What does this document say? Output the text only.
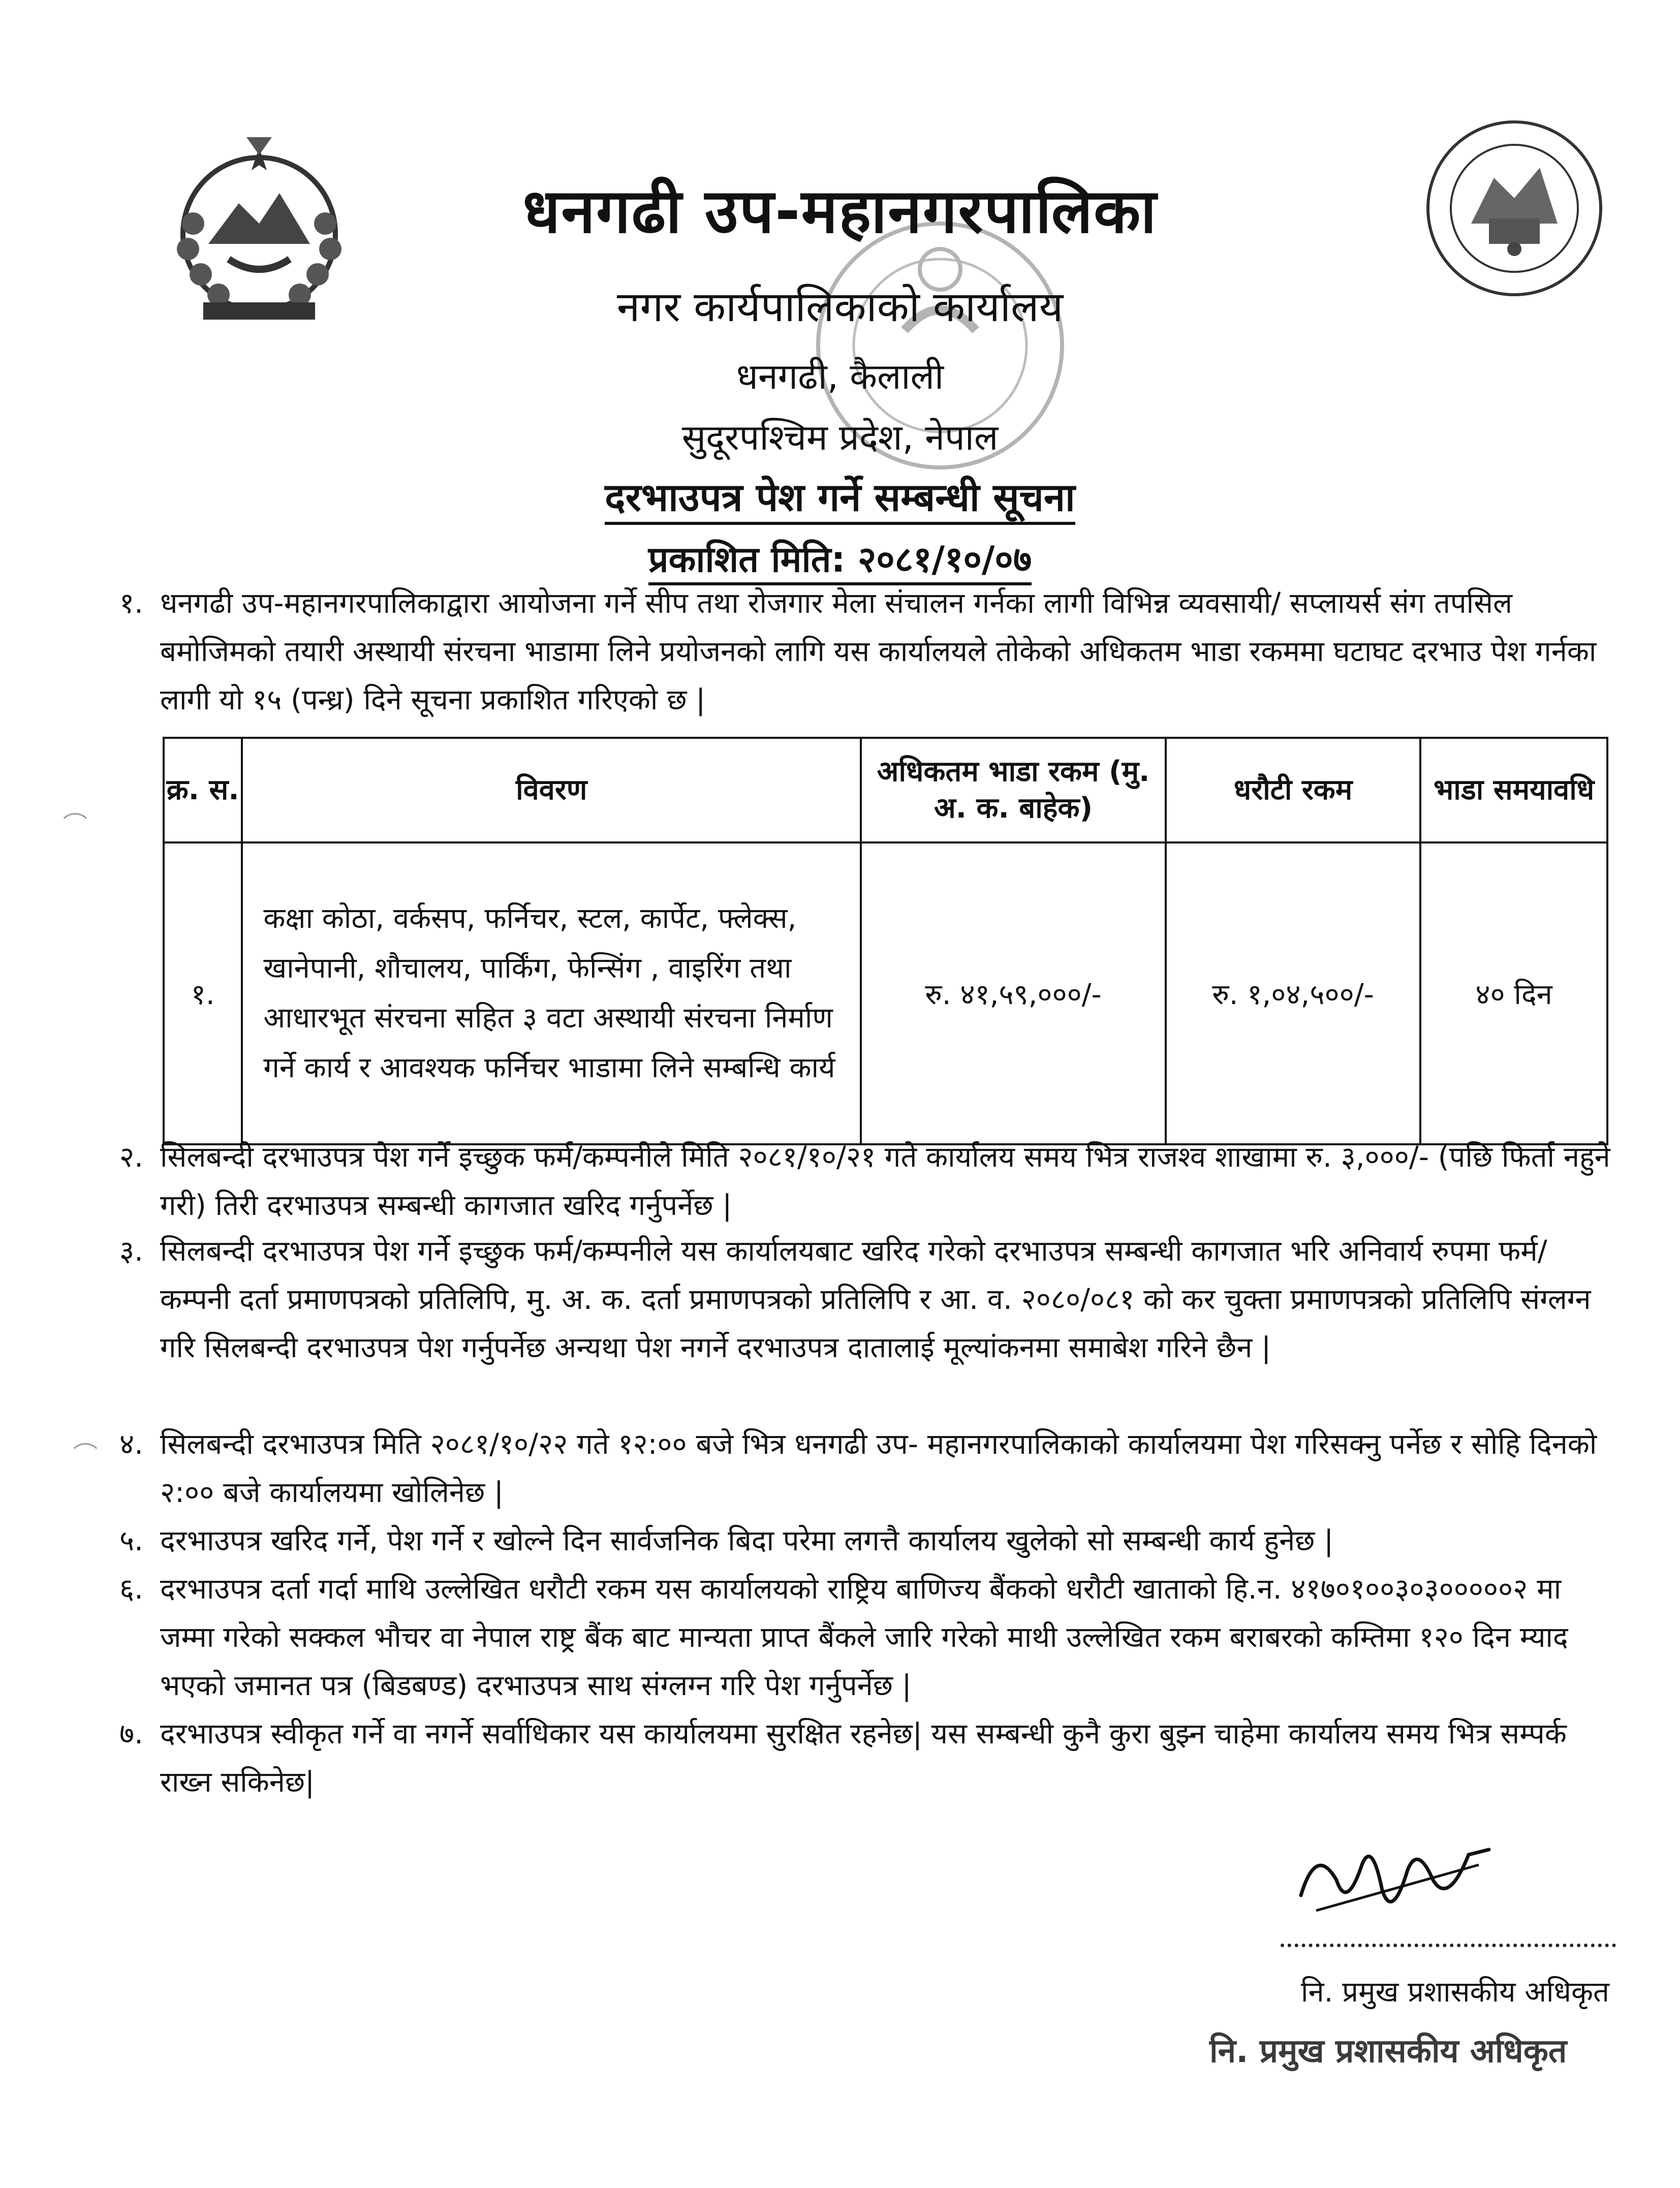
धनगढी उप-महानगरपालिका
नगर कार्यपालिकाको कार्यालय
धनगढी, कैलाली
सुदूरपश्चिम प्रदेश, नेपाल
दरभाउपत्र पेश गर्ने सम्बन्धी सूचना
प्रकाशित मिति: २०८१/१०/०७
१. धनगढी उप-महानगरपालिकाद्वारा आयोजना गर्ने सीप तथा रोजगार मेला संचालन गर्नका लागी विभिन्न व्यवसायी/ सप्लायर्स संग तपसिल बमोजिमको तयारी अस्थायी संरचना भाडामा लिने प्रयोजनको लागि यस कार्यालयले तोकेको अधिकतम भाडा रकममा घटाघट दरभाउ पेश गर्नका लागी यो १५ (पन्ध्र) दिने सूचना प्रकाशित गरिएको छ |
क्र. स.	विवरण	अधिकतम भाडा रकम (मु. अ. क. बाहेक)	धरौटी रकम	भाडा समयावधि
१.	कक्षा कोठा, वर्कसप, फर्निचर, स्टल, कार्पेट, फ्लेक्स, खानेपानी, शौचालय, पार्किंग, फेन्सिंग , वाइरिंग तथा आधारभूत संरचना सहित ३ वटा अस्थायी संरचना निर्माण गर्ने कार्य र आवश्यक फर्निचर भाडामा लिने सम्बन्धि कार्य	रु. ४१,५९,०००/-	रु. १,०४,५००/-	४० दिन
२. सिलबन्दी दरभाउपत्र पेश गर्ने इच्छुक फर्म/कम्पनीले मिति २०८१/१०/२१ गते कार्यालय समय भित्र राजश्व शाखामा रु. ३,०००/- (पछि फिर्ता नहुने गरी) तिरी दरभाउपत्र सम्बन्धी कागजात खरिद गर्नुपर्नेछ |
३. सिलबन्दी दरभाउपत्र पेश गर्ने इच्छुक फर्म/कम्पनीले यस कार्यालयबाट खरिद गरेको दरभाउपत्र सम्बन्धी कागजात भरि अनिवार्य रुपमा फर्म/ कम्पनी दर्ता प्रमाणपत्रको प्रतिलिपि, मु. अ. क. दर्ता प्रमाणपत्रको प्रतिलिपि र आ. व. २०८०/०८१ को कर चुक्ता प्रमाणपत्रको प्रतिलिपि संग्लग्न गरि सिलबन्दी दरभाउपत्र पेश गर्नुपर्नेछ अन्यथा पेश नगर्ने दरभाउपत्र दातालाई मूल्यांकनमा समाबेश गरिने छैन |
४. सिलबन्दी दरभाउपत्र मिति २०८१/१०/२२ गते १२:०० बजे भित्र धनगढी उप- महानगरपालिकाको कार्यालयमा पेश गरिसक्नु पर्नेछ र सोहि दिनको २:०० बजे कार्यालयमा खोलिनेछ |
५. दरभाउपत्र खरिद गर्ने, पेश गर्ने र खोल्ने दिन सार्वजनिक बिदा परेमा लगत्तै कार्यालय खुलेको सो सम्बन्धी कार्य हुनेछ |
६. दरभाउपत्र दर्ता गर्दा माथि उल्लेखित धरौटी रकम यस कार्यालयको राष्ट्रिय बाणिज्य बैंकको धरौटी खाताको हि.न. ४१७०१००३०३०००००२ मा जम्मा गरेको सक्कल भौचर वा नेपाल राष्ट्र बैंक बाट मान्यता प्राप्त बैंकले जारि गरेको माथी उल्लेखित रकम बराबरको कम्तिमा १२० दिन म्याद भएको जमानत पत्र (बिडबण्ड) दरभाउपत्र साथ संग्लग्न गरि पेश गर्नुपर्नेछ |
७. दरभाउपत्र स्वीकृत गर्ने वा नगर्ने सर्वाधिकार यस कार्यालयमा सुरक्षित रहनेछ| यस सम्बन्धी कुनै कुरा बुझ्न चाहेमा कार्यालय समय भित्र सम्पर्क राख्न सकिनेछ|
नि. प्रमुख प्रशासकीय अधिकृत
नि. प्रमुख प्रशासकीय अधिकृत
